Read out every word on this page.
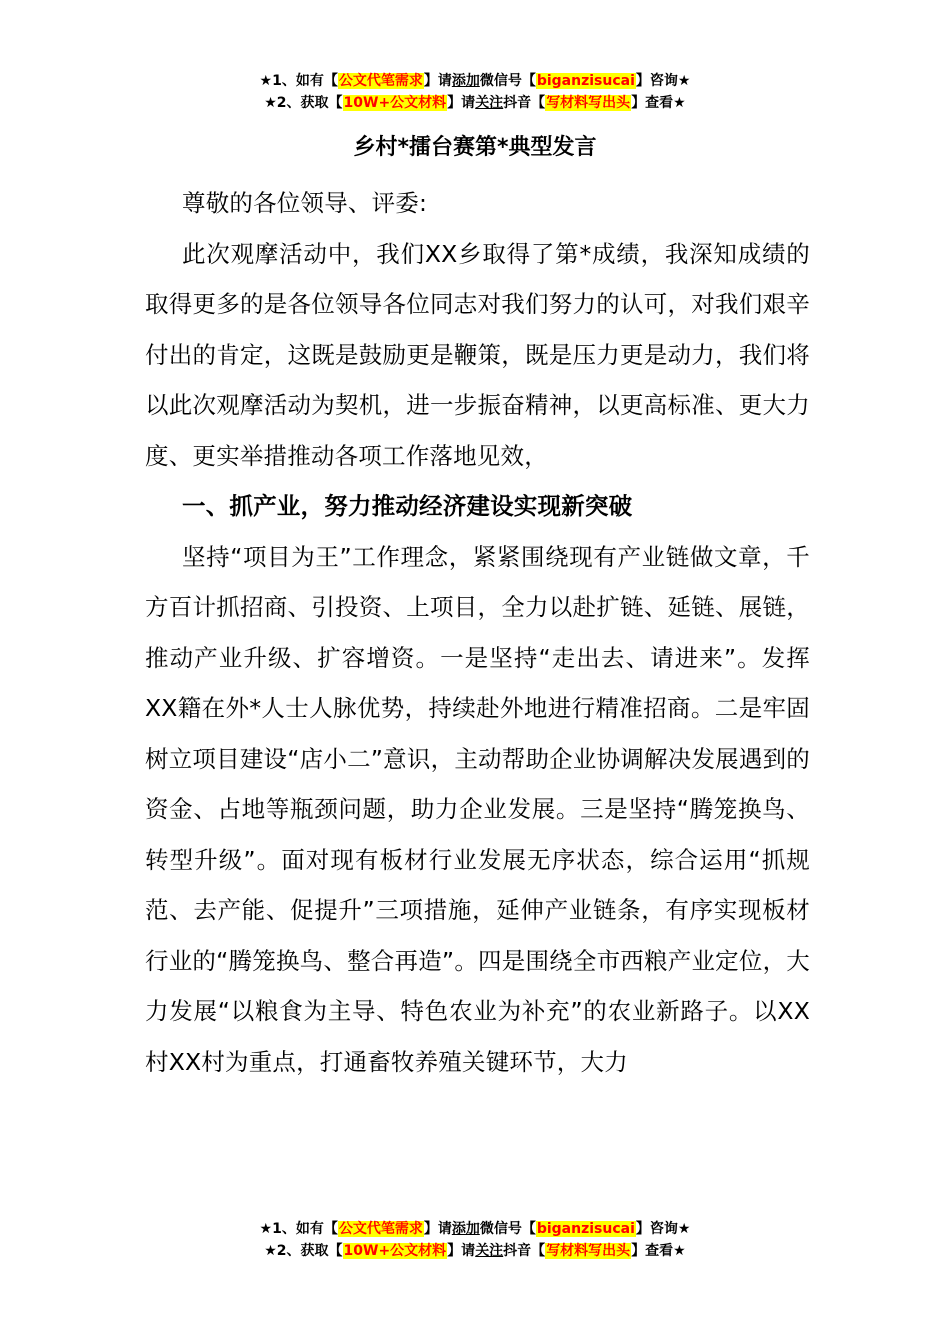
★1、如有【公文代笔需求】请添加微信号【biganzisucai】咨询★
★2、获取【10W+公文材料】请关注抖音【写材料写出头】查看★
乡村*擂台赛第*典型发言

尊敬的各位领导、评委:

此次观摩活动中，我们XX乡取得了第*成绩，我深知成绩的取得更多的是各位领导各位同志对我们努力的认可，对我们艰辛付出的肯定，这既是鼓励更是鞭策，既是压力更是动力，我们将以此次观摩活动为契机，进一步振奋精神，以更高标准、更大力度、更实举措推动各项工作落地见效，

一、抓产业，努力推动经济建设实现新突破

坚持“项目为王”工作理念，紧紧围绕现有产业链做文章，千方百计抓招商、引投资、上项目，全力以赴扩链、延链、展链，推动产业升级、扩容增资。一是坚持“走出去、请进来”。发挥XX籍在外*人士人脉优势，持续赴外地进行精准招商。二是牢固树立项目建设“店小二”意识，主动帮助企业协调解决发展遇到的资金、占地等瓶颈问题，助力企业发展。三是坚持“腾笼换鸟、转型升级”。面对现有板材行业发展无序状态，综合运用“抓规范、去产能、促提升”三项措施，延伸产业链条，有序实现板材行业的“腾笼换鸟、整合再造”。四是围绕全市西粮产业定位，大力发展“以粮食为主导、特色农业为补充”的农业新路子。以XX村XX村为重点，打通畜牧养殖关键环节，大力

★1、如有【公文代笔需求】请添加微信号【biganzisucai】咨询★
★2、获取【10W+公文材料】请关注抖音【写材料写出头】查看★
